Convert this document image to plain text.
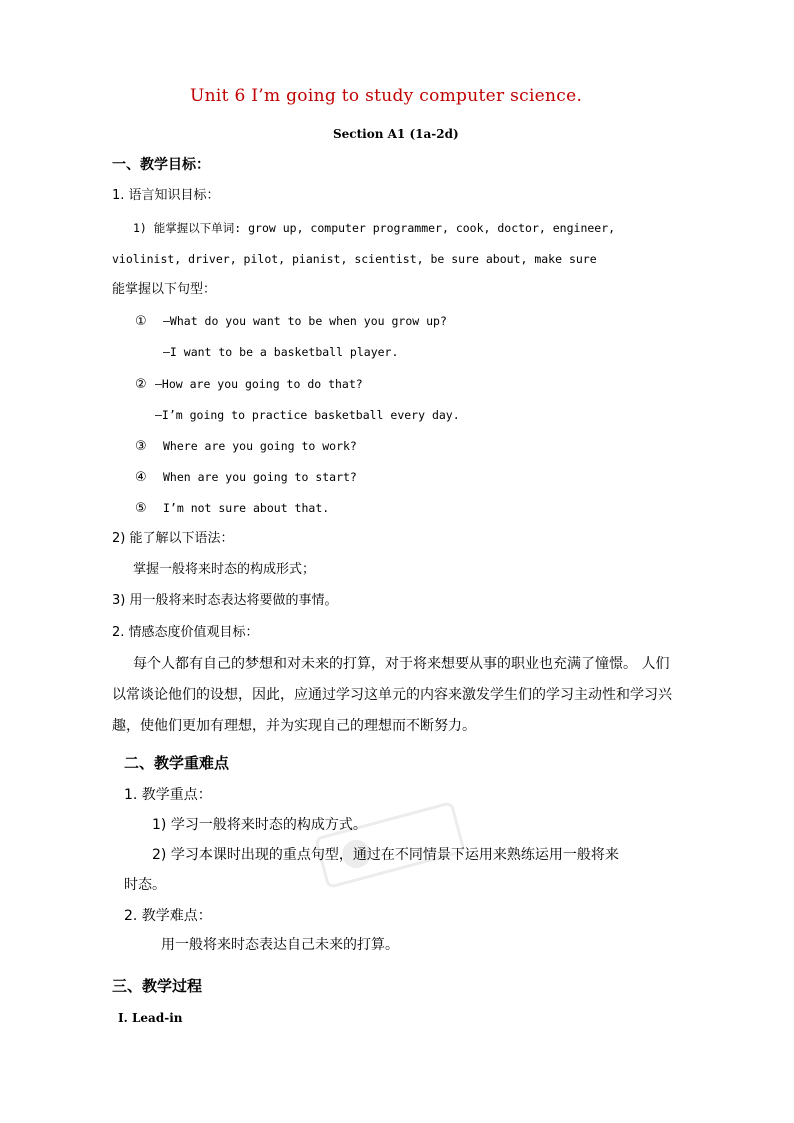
Unit 6 I’m going to study computer science.
Section A1 (1a-2d)
一、教学目标：
1. 语言知识目标：
1) 能掌握以下单词: grow up, computer programmer, cook, doctor, engineer,
violinist, driver, pilot, pianist, scientist, be sure about, make sure
能掌握以下句型：
① —What do you want to be when you grow up?
—I want to be a basketball player.
② —How are you going to do that?
—I’m going to practice basketball every day.
③ Where are you going to work?
④ When are you going to start?
⑤ I’m not sure about that.
2) 能了解以下语法：
掌握一般将来时态的构成形式；
3) 用一般将来时态表达将要做的事情。
2. 情感态度价值观目标：
每个人都有自己的梦想和对未来的打算，对于将来想要从事的职业也充满了憧憬。 人们
以常谈论他们的设想，因此，应通过学习这单元的内容来激发学生们的学习主动性和学习兴
趣，使他们更加有理想，并为实现自己的理想而不断努力。
二、教学重难点
1. 教学重点：
1) 学习一般将来时态的构成方式。
2) 学习本课时出现的重点句型，通过在不同情景下运用来熟练运用一般将来
时态。
2. 教学难点：
用一般将来时态表达自己未来的打算。
三、教学过程
Ⅰ. Lead-in
